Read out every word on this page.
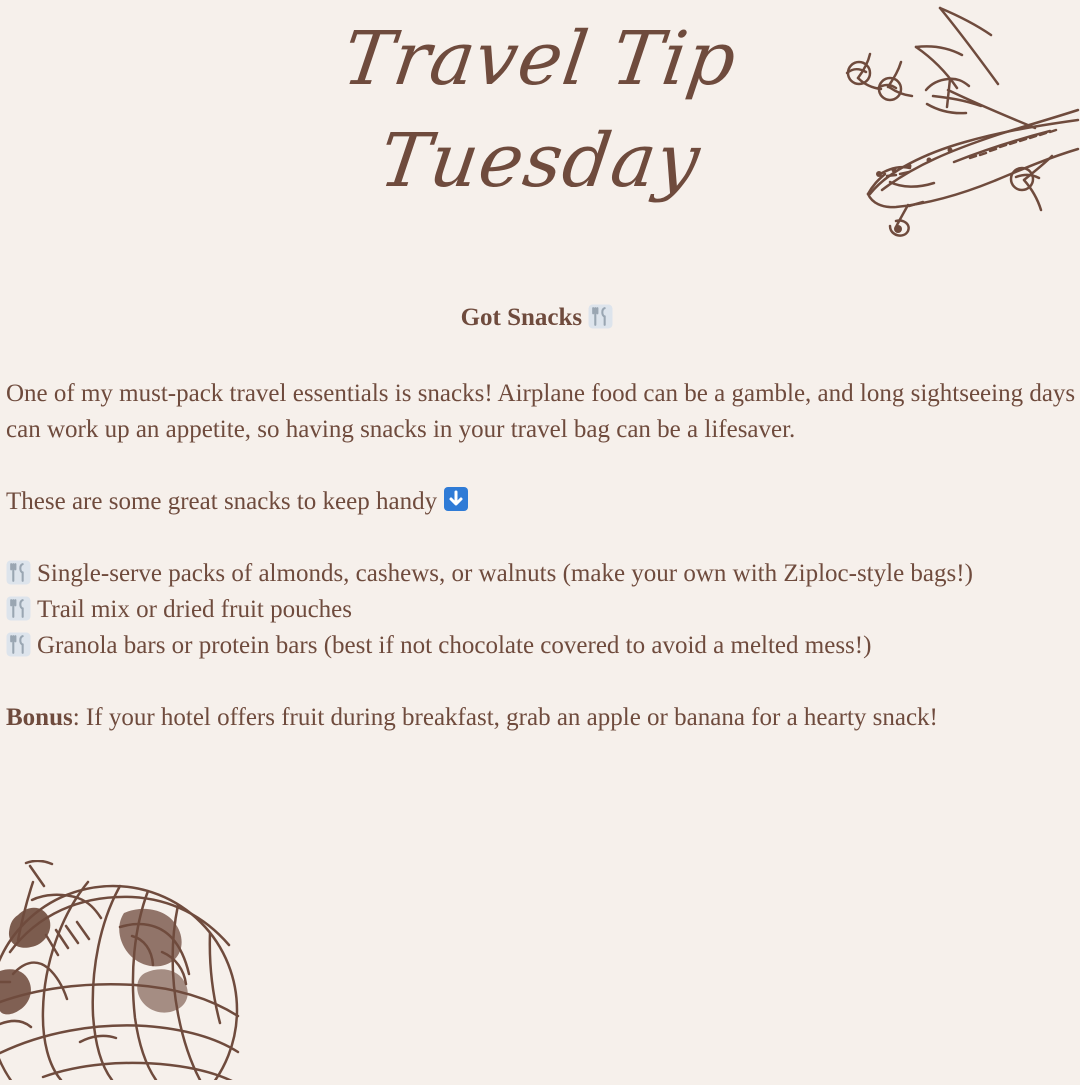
Travel Tip
Tuesday
Got Snacks

One of my must-pack travel essentials is snacks! Airplane food can be a gamble, and long sightseeing days can work up an appetite, so having snacks in your travel bag can be a lifesaver.

These are some great snacks to keep handy

Single-serve packs of almonds, cashews, or walnuts (make your own with Ziploc-style bags!)
Trail mix or dried fruit pouches
Granola bars or protein bars (best if not chocolate covered to avoid a melted mess!)

Bonus: If your hotel offers fruit during breakfast, grab an apple or banana for a hearty snack!
